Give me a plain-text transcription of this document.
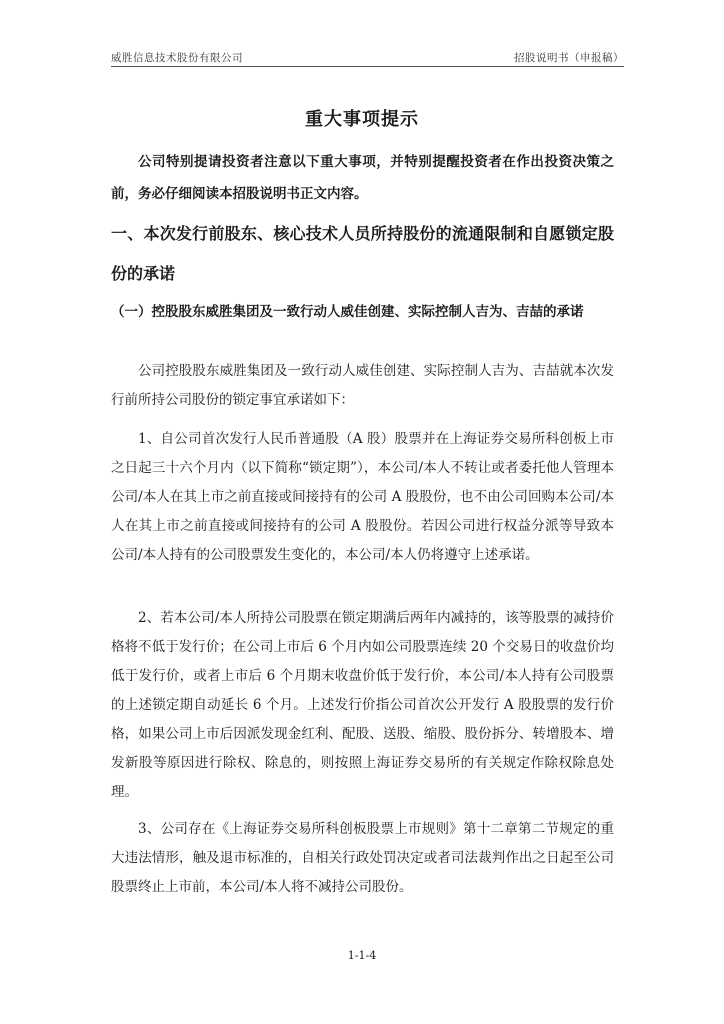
威胜信息技术股份有限公司	招股说明书（申报稿）
重大事项提示
公司特别提请投资者注意以下重大事项，并特别提醒投资者在作出投资决策之前，务必仔细阅读本招股说明书正文内容。
一、本次发行前股东、核心技术人员所持股份的流通限制和自愿锁定股份的承诺
（一）控股股东威胜集团及一致行动人威佳创建、实际控制人吉为、吉喆的承诺
公司控股股东威胜集团及一致行动人威佳创建、实际控制人吉为、吉喆就本次发行前所持公司股份的锁定事宜承诺如下：
1、自公司首次发行人民币普通股（A 股）股票并在上海证券交易所科创板上市之日起三十六个月内（以下简称“锁定期”），本公司/本人不转让或者委托他人管理本公司/本人在其上市之前直接或间接持有的公司 A 股股份，也不由公司回购本公司/本人在其上市之前直接或间接持有的公司 A 股股份。若因公司进行权益分派等导致本公司/本人持有的公司股票发生变化的，本公司/本人仍将遵守上述承诺。
2、若本公司/本人所持公司股票在锁定期满后两年内减持的，该等股票的减持价格将不低于发行价；在公司上市后 6 个月内如公司股票连续 20 个交易日的收盘价均低于发行价，或者上市后 6 个月期末收盘价低于发行价，本公司/本人持有公司股票的上述锁定期自动延长 6 个月。上述发行价指公司首次公开发行 A 股股票的发行价格，如果公司上市后因派发现金红利、配股、送股、缩股、股份拆分、转增股本、增发新股等原因进行除权、除息的，则按照上海证券交易所的有关规定作除权除息处理。
3、公司存在《上海证券交易所科创板股票上市规则》第十二章第二节规定的重大违法情形，触及退市标准的，自相关行政处罚决定或者司法裁判作出之日起至公司股票终止上市前，本公司/本人将不减持公司股份。
1-1-4
